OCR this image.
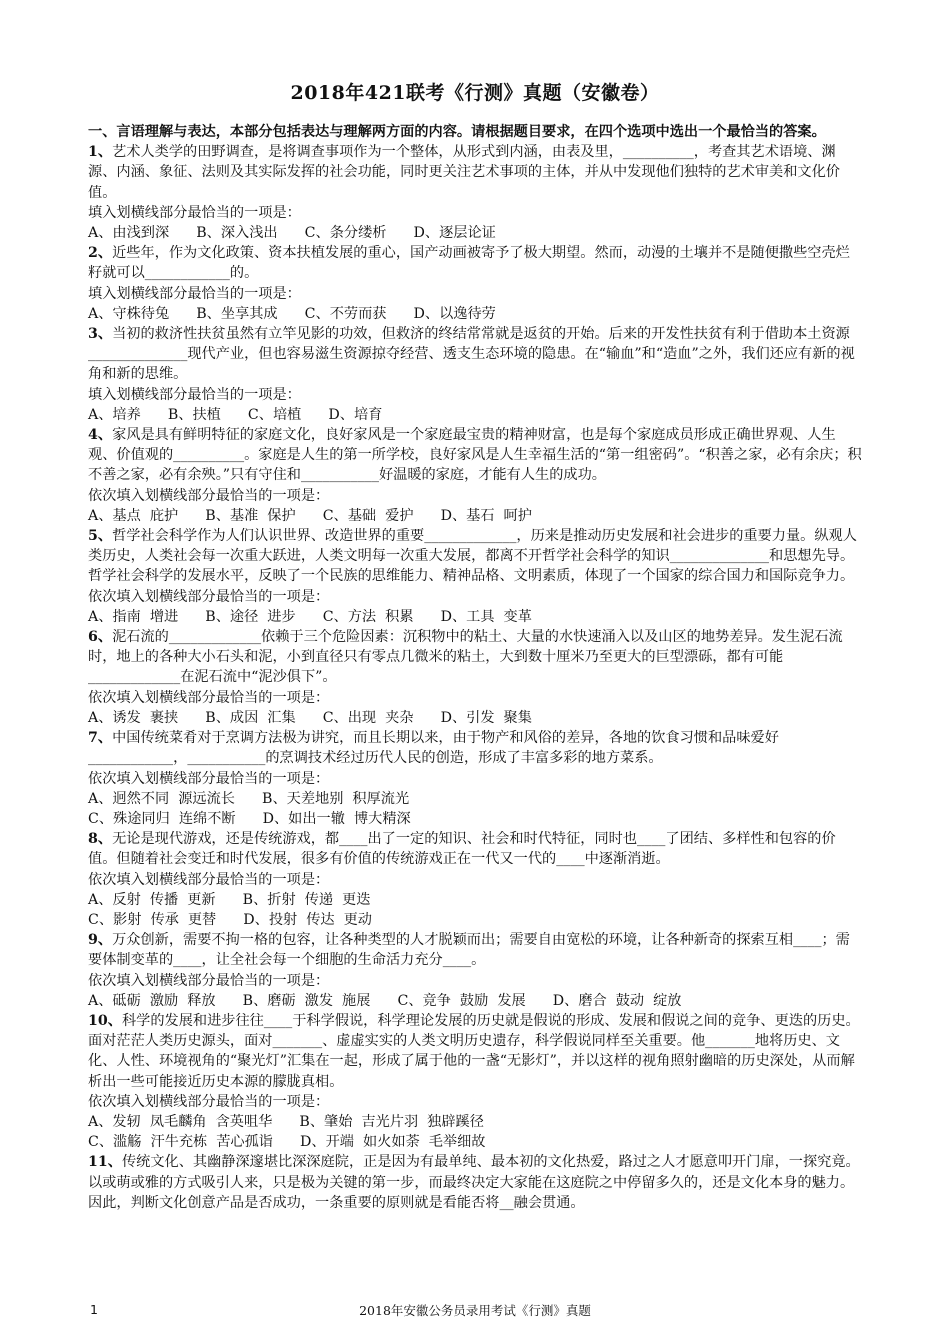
2018年421联考《行测》真题（安徽卷）

一、言语理解与表达，本部分包括表达与理解两方面的内容。请根据题目要求，在四个选项中选出一个最恰当的答案。

1、艺术人类学的田野调查，是将调查事项作为一个整体，从形式到内涵，由表及里，__________，考查其艺术语境、渊源、内涵、象征、法则及其实际发挥的社会功能，同时更关注艺术事项的主体，并从中发现他们独特的艺术审美和文化价值。

填入划横线部分最恰当的一项是：

A、由浅到深      B、深入浅出      C、条分缕析      D、逐层论证

2、近些年，作为文化政策、资本扶植发展的重心，国产动画被寄予了极大期望。然而，动漫的土壤并不是随便撒些空壳烂籽就可以____________的。

填入划横线部分最恰当的一项是：

A、守株待兔      B、坐享其成      C、不劳而获      D、以逸待劳

3、当初的救济性扶贫虽然有立竿见影的功效，但救济的终结常常就是返贫的开始。后来的开发性扶贫有利于借助本土资源______________现代产业，但也容易滋生资源掠夺经营、透支生态环境的隐患。在“输血”和“造血”之外，我们还应有新的视角和新的思维。

填入划横线部分最恰当的一项是：

A、培养      B、扶植      C、培植      D、培育

4、家风是具有鲜明特征的家庭文化，良好家风是一个家庭最宝贵的精神财富，也是每个家庭成员形成正确世界观、人生观、价值观的__________。家庭是人生的第一所学校，良好家风是人生幸福生活的“第一组密码”。“积善之家，必有余庆；积不善之家，必有余殃。”只有守住和___________好温暖的家庭，才能有人生的成功。

依次填入划横线部分最恰当的一项是：

A、基点  庇护      B、基准  保护      C、基础  爱护      D、基石  呵护

5、哲学社会科学作为人们认识世界、改造世界的重要_____________，历来是推动历史发展和社会进步的重要力量。纵观人类历史，人类社会每一次重大跃进，人类文明每一次重大发展，都离不开哲学社会科学的知识______________和思想先导。哲学社会科学的发展水平，反映了一个民族的思维能力、精神品格、文明素质，体现了一个国家的综合国力和国际竞争力。

依次填入划横线部分最恰当的一项是：

A、指南  增进      B、途径  进步      C、方法  积累      D、工具  变革

6、泥石流的_____________依赖于三个危险因素：沉积物中的粘土、大量的水快速涌入以及山区的地势差异。发生泥石流时，地上的各种大小石头和泥，小到直径只有零点几微米的粘土，大到数十厘米乃至更大的巨型漂砾，都有可能_____________在泥石流中“泥沙俱下”。

依次填入划横线部分最恰当的一项是：

A、诱发  裹挟      B、成因  汇集      C、出现  夹杂      D、引发  聚集

7、中国传统菜肴对于烹调方法极为讲究，而且长期以来，由于物产和风俗的差异，各地的饮食习惯和品味爱好____________，___________的烹调技术经过历代人民的创造，形成了丰富多彩的地方菜系。

依次填入划横线部分最恰当的一项是：

A、迥然不同  源远流长      B、天差地别  积厚流光

C、殊途同归  连绵不断      D、如出一辙  博大精深

8、无论是现代游戏，还是传统游戏，都____出了一定的知识、社会和时代特征，同时也____了团结、多样性和包容的价值。但随着社会变迁和时代发展，很多有价值的传统游戏正在一代又一代的____中逐渐消逝。

依次填入划横线部分最恰当的一项是：

A、反射  传播  更新      B、折射  传递  更迭

C、影射  传承  更替      D、投射  传达  更动

9、万众创新，需要不拘一格的包容，让各种类型的人才脱颖而出；需要自由宽松的环境，让各种新奇的探索互相____；需要体制变革的____，让全社会每一个细胞的生命活力充分____。

依次填入划横线部分最恰当的一项是：

A、砥砺  激励  释放      B、磨砺  激发  施展      C、竞争  鼓励  发展      D、磨合  鼓动  绽放

10、科学的发展和进步往往____于科学假说，科学理论发展的历史就是假说的形成、发展和假说之间的竞争、更迭的历史。面对茫茫人类历史源头，面对_______、虚虚实实的人类文明历史遗存，科学假说同样至关重要。他_______地将历史、文化、人性、环境视角的“聚光灯”汇集在一起，形成了属于他的一盏“无影灯”，并以这样的视角照射幽暗的历史深处，从而解析出一些可能接近历史本源的朦胧真相。

依次填入划横线部分最恰当的一项是：

A、发轫  凤毛麟角  含英咀华      B、肇始  吉光片羽  独辟蹊径

C、滥觞  汗牛充栋  苦心孤诣      D、开端  如火如荼  毛举细故

11、传统文化、其幽静深邃堪比深深庭院，正是因为有最单纯、最本初的文化热爱，路过之人才愿意叩开门扉，一探究竟。以或萌或雅的方式吸引人来，只是极为关键的第一步，而最终决定大家能在这庭院之中停留多久的，还是文化本身的魅力。因此，判断文化创意产品是否成功，一条重要的原则就是看能否将__融会贯通。

1	2018年安徽公务员录用考试《行测》真题
